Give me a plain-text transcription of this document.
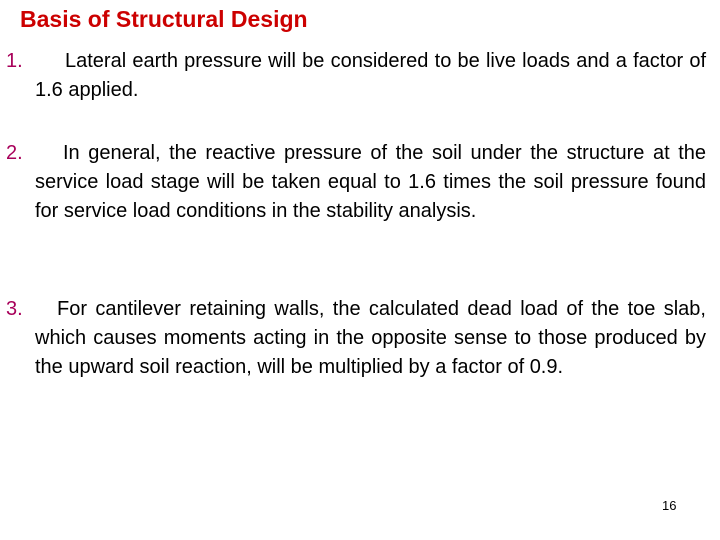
Basis of Structural Design
1.	Lateral earth pressure will be considered to be live loads and a factor of 1.6 applied.
2.	In general, the reactive pressure of the soil under the structure at the service load stage will be taken equal to 1.6 times the soil pressure found for service load conditions in the stability analysis.
3.	For cantilever retaining walls, the calculated dead load of the toe slab, which causes moments acting in the opposite sense to those produced by the upward soil reaction, will be multiplied by a factor of 0.9.
16
